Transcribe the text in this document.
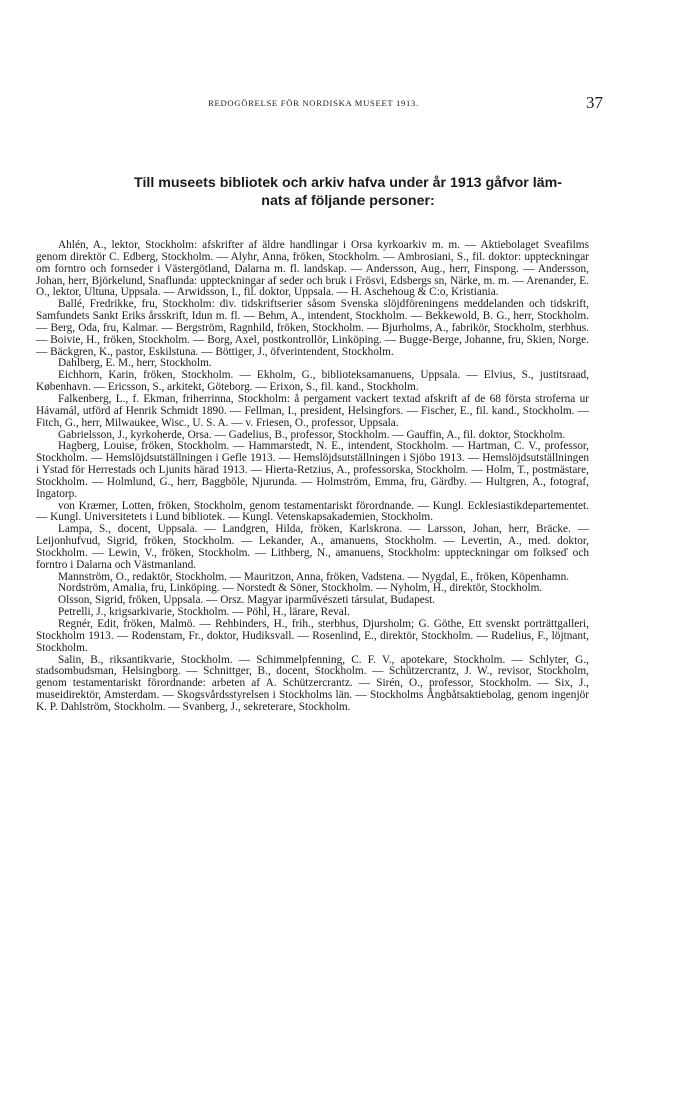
REDOGÖRELSE FÖR NORDISKA MUSEET 1913.	37
Till museets bibliotek och arkiv hafva under år 1913 gåfvor läm-
nats af följande personer:

Ahlén, A., lektor, Stockholm: afskrifter af äldre handlingar i Orsa kyrkoarkiv m. m. — Aktiebolaget Sveafilms genom direktör C. Edberg, Stockholm. — Alyhr, Anna, fröken, Stockholm. — Ambrosiani, S., fil. doktor: uppteckningar om forntro och fornseder i Västergötland, Dalarna m. fl. landskap. — Andersson, Aug., herr, Finspong. — Andersson, Johan, herr, Björkelund, Snaflunda: uppteckningar af seder och bruk i Frösvi, Edsbergs sn, Närke, m. m. — Arenander, E. O., lektor, Ultuna, Uppsala. — Arwidsson, I., fil. doktor, Uppsala. — H. Aschehoug & C:o, Kristiania.

Ballé, Fredrikke, fru, Stockholm: div. tidskriftserier såsom Svenska slöjdföreningens meddelanden och tidskrift, Samfundets Sankt Eriks årsskrift, Idun m. fl. — Behm, A., intendent, Stockholm. — Bekkewold, B. G., herr, Stockholm. — Berg, Oda, fru, Kalmar. — Bergström, Ragnhild, fröken, Stockholm. — Bjurholms, A., fabrikör, Stockholm, sterbhus. — Boivie, H., fröken, Stockholm. — Borg, Axel, postkontrollör, Linköping. — Bugge-Berge, Johanne, fru, Skien, Norge. — Bäckgren, K., pastor, Eskilstuna. — Böttiger, J., öfverintendent, Stockholm.

Dahlberg, E. M., herr, Stockholm.

Eichhorn, Karin, fröken, Stockholm. — Ekholm, G., biblioteksamanuens, Uppsala. — Elvius, S., justitsraad, København. — Ericsson, S., arkitekt, Göteborg. — Erixon, S., fil. kand., Stockholm.

Falkenberg, L., f. Ekman, friherrinna, Stockholm: å pergament vackert textad afskrift af de 68 första stroferna ur Hávamál, utförd af Henrik Schmidt 1890. — Fellman, I., president, Helsingfors. — Fischer, E., fil. kand., Stockholm. — Fitch, G., herr, Milwaukee, Wisc., U. S. A. — v. Friesen, O., professor, Uppsala.

Gabrielsson, J., kyrkoherde, Orsa. — Gadelius, B., professor, Stockholm. — Gauffin, A., fil. doktor, Stockholm.

Hagberg, Louise, fröken, Stockholm. — Hammarstedt, N. E., intendent, Stockholm. — Hartman, C. V., professor, Stockholm. — Hemslöjdsutställningen i Gefle 1913. — Hemslöjdsutställningen i Sjöbo 1913. — Hemslöjdsutställningen i Ystad för Herrestads och Ljunits härad 1913. — Hierta-Retzius, A., professorska, Stockholm. — Holm, T., postmästare, Stockholm. — Holmlund, G., herr, Baggböle, Njurunda. — Holmström, Emma, fru, Gärdby. — Hultgren, A., fotograf, Ingatorp.

von Kræmer, Lotten, fröken, Stockholm, genom testamentariskt förordnande. — Kungl. Ecklesiastikdepartementet. — Kungl. Universitetets i Lund bibliotek. — Kungl. Vetenskapsakademien, Stockholm.

Lampa, S., docent, Uppsala. — Landgren, Hilda, fröken, Karlskrona. — Larsson, Johan, herr, Bräcke. — Leijonhufvud, Sigrid, fröken, Stockholm. — Lekander, A., amanuens, Stockholm. — Levertin, A., med. doktor, Stockholm. — Lewin, V., fröken, Stockholm. — Lithberg, N., amanuens, Stockholm: uppteckningar om folkseď och forntro i Dalarna och Västmanland.

Mannström, O., redaktör, Stockholm. — Mauritzon, Anna, fröken, Vadstena. — Nygdal, E., fröken, Köpenhamn.

Nordström, Amalia, fru, Linköping. — Norstedt & Söner, Stockholm. — Nyholm, H., direktör, Stockholm.

Olsson, Sigrid, fröken, Uppsala. — Orsz. Magyar iparművészeti társulat, Budapest.

Petrelli, J., krigsarkivarie, Stockholm. — Pöhl, H., lärare, Reval.

Regnér, Edit, fröken, Malmö. — Rehbinders, H., frih., sterbhus, Djursholm; G. Göthe, Ett svenskt porträttgalleri, Stockholm 1913. — Rodenstam, Fr., doktor, Hudiksvall. — Rosenlind, E., direktör, Stockholm. — Rudelius, F., löjtnant, Stockholm.

Salin, B., riksantikvarie, Stockholm. — Schimmelpfenning, C. F. V., apotekare, Stockholm. — Schlyter, G., stadsombudsman, Helsingborg. — Schnittger, B., docent, Stockholm. — Schützercrantz, J. W., revisor, Stockholm, genom testamentariskt förordnande: arbeten af A. Schützercrantz. — Sirén, O., professor, Stockholm. — Six, J., museidirektör, Amsterdam. — Skogsvårdsstyrelsen i Stockholms län. — Stockholms Ångbåtsaktiebolag, genom ingenjör K. P. Dahlström, Stockholm. — Svanberg, J., sekreterare, Stockholm.
